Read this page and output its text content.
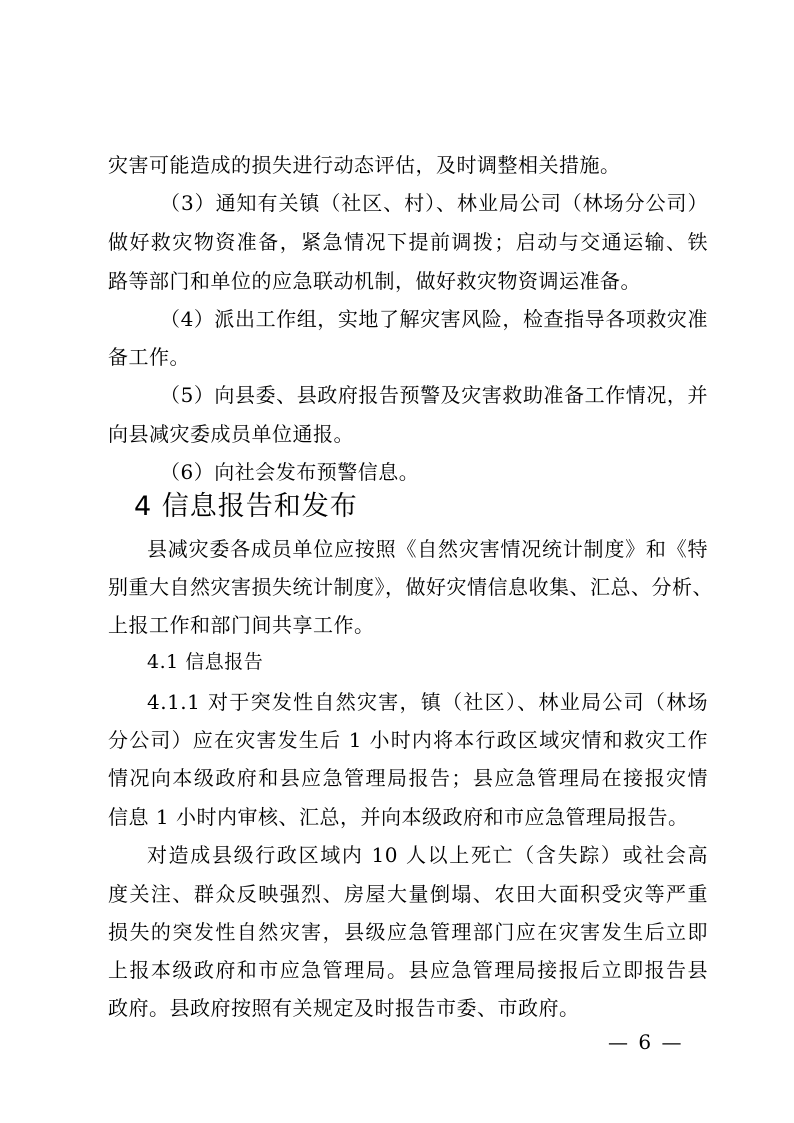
灾害可能造成的损失进行动态评估，及时调整相关措施。
（3）通知有关镇（社区、村）、林业局公司（林场分公司）
做好救灾物资准备，紧急情况下提前调拨；启动与交通运输、铁
路等部门和单位的应急联动机制，做好救灾物资调运准备。
（4）派出工作组，实地了解灾害风险，检查指导各项救灾准
备工作。
（5）向县委、县政府报告预警及灾害救助准备工作情况，并
向县减灾委成员单位通报。
（6）向社会发布预警信息。
4 信息报告和发布
县减灾委各成员单位应按照《自然灾害情况统计制度》和《特
别重大自然灾害损失统计制度》，做好灾情信息收集、汇总、分析、
上报工作和部门间共享工作。
4.1 信息报告
4.1.1 对于突发性自然灾害，镇（社区）、林业局公司（林场
分公司）应在灾害发生后 1 小时内将本行政区域灾情和救灾工作
情况向本级政府和县应急管理局报告；县应急管理局在接报灾情
信息 1 小时内审核、汇总，并向本级政府和市应急管理局报告。
对造成县级行政区域内 10 人以上死亡（含失踪）或社会高
度关注、群众反映强烈、房屋大量倒塌、农田大面积受灾等严重
损失的突发性自然灾害，县级应急管理部门应在灾害发生后立即
上报本级政府和市应急管理局。县应急管理局接报后立即报告县
政府。县政府按照有关规定及时报告市委、市政府。
— 6 —
